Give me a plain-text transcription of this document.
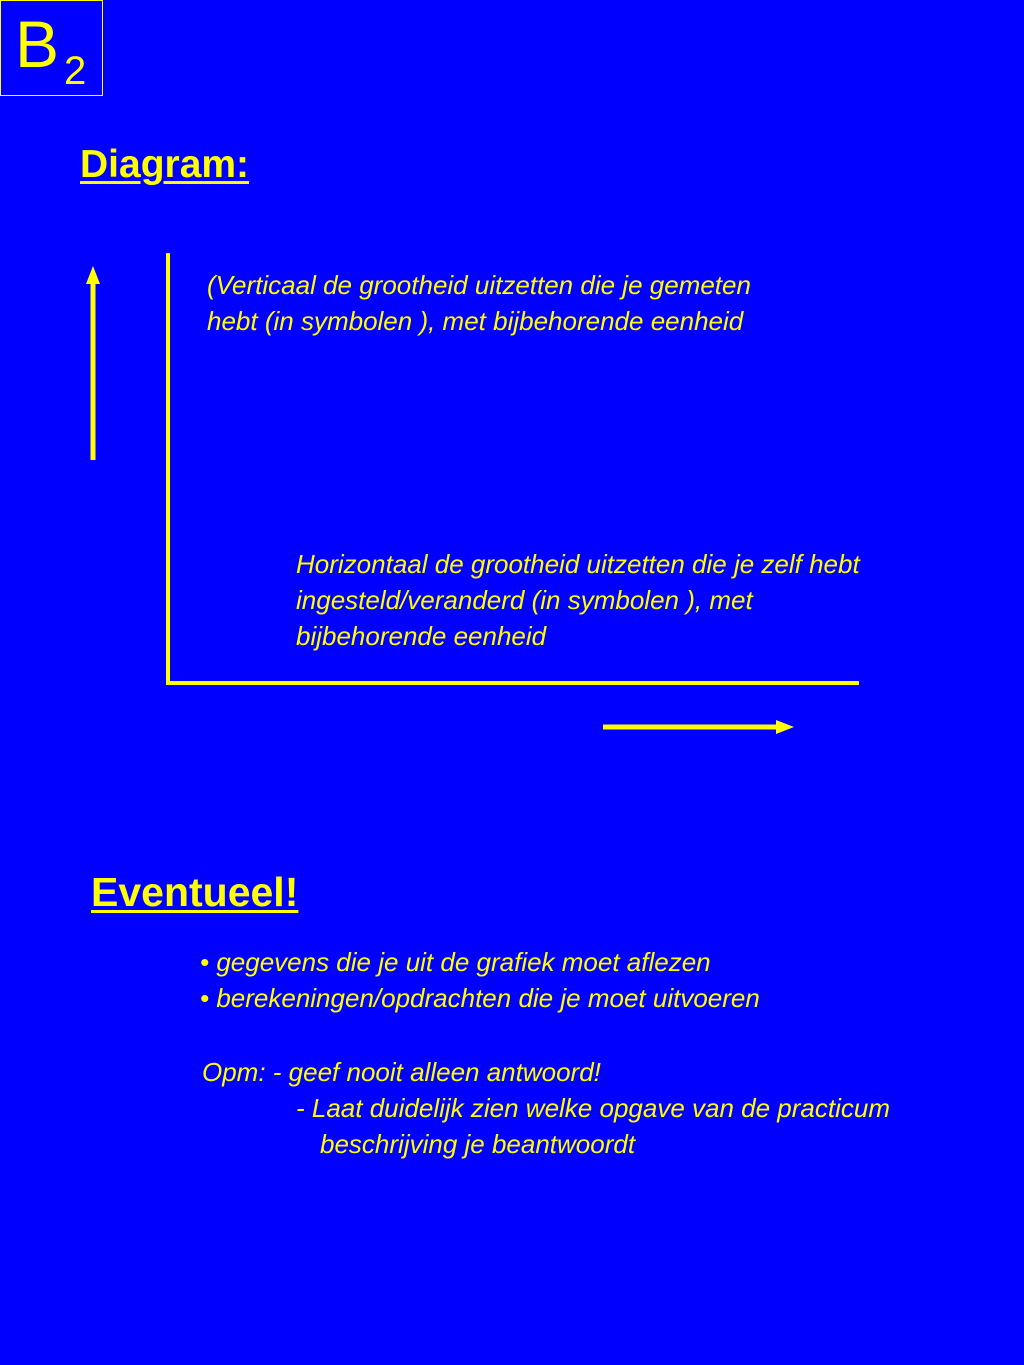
B 2
Diagram:
(Verticaal de grootheid uitzetten die je gemeten
hebt (in symbolen ), met bijbehorende eenheid
Horizontaal de grootheid uitzetten die je zelf hebt
ingesteld/veranderd (in symbolen ), met
bijbehorende eenheid
Eventueel!
• gegevens die je uit de grafiek moet aflezen
• berekeningen/opdrachten die je moet uitvoeren
Opm: - geef nooit alleen antwoord!
- Laat duidelijk zien welke opgave van de practicum
beschrijving je beantwoordt
